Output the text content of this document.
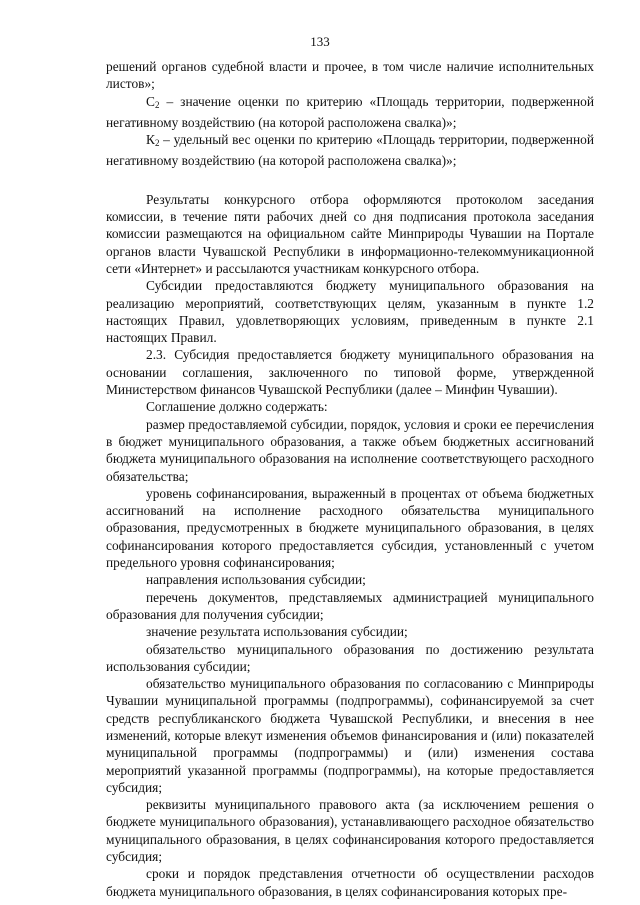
133

решений органов судебной власти и прочее, в том числе наличие исполнительных листов»;

$С_2$ – значение оценки по критерию «Площадь территории, подверженной негативному воздействию (на которой расположена свалка)»;

$К_2$ – удельный вес оценки по критерию «Площадь территории, подверженной негативному воздействию (на которой расположена свалка)»;

Результаты конкурсного отбора оформляются протоколом заседания комиссии, в течение пяти рабочих дней со дня подписания протокола заседания комиссии размещаются на официальном сайте Минприроды Чувашии на Портале органов власти Чувашской Республики в информационно-телекоммуникационной сети «Интернет» и рассылаются участникам конкурсного отбора.

Субсидии предоставляются бюджету муниципального образования на реализацию мероприятий, соответствующих целям, указанным в пункте 1.2 настоящих Правил, удовлетворяющих условиям, приведенным в пункте 2.1 настоящих Правил.

2.3. Субсидия предоставляется бюджету муниципального образования на основании соглашения, заключенного по типовой форме, утвержденной Министерством финансов Чувашской Республики (далее – Минфин Чувашии).

Соглашение должно содержать:

размер предоставляемой субсидии, порядок, условия и сроки ее перечисления в бюджет муниципального образования, а также объем бюджетных ассигнований бюджета муниципального образования на исполнение соответствующего расходного обязательства;

уровень софинансирования, выраженный в процентах от объема бюджетных ассигнований на исполнение расходного обязательства муниципального образования, предусмотренных в бюджете муниципального образования, в целях софинансирования которого предоставляется субсидия, установленный с учетом предельного уровня софинансирования;

направления использования субсидии;

перечень документов, представляемых администрацией муниципального образования для получения субсидии;

значение результата использования субсидии;

обязательство муниципального образования по достижению результата использования субсидии;

обязательство муниципального образования по согласованию с Минприроды Чувашии муниципальной программы (подпрограммы), софинансируемой за счет средств республиканского бюджета Чувашской Республики, и внесения в нее изменений, которые влекут изменения объемов финансирования и (или) показателей муниципальной программы (подпрограммы) и (или) изменения состава мероприятий указанной программы (подпрограммы), на которые предоставляется субсидия;

реквизиты муниципального правового акта (за исключением решения о бюджете муниципального образования), устанавливающего расходное обязательство муниципального образования, в целях софинансирования которого предоставляется субсидия;

сроки и порядок представления отчетности об осуществлении расходов бюджета муниципального образования, в целях софинансирования которых пре-
